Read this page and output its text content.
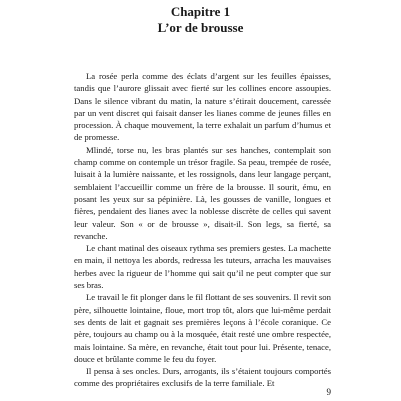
Chapitre 1
L’or de brousse

La rosée perla comme des éclats d’argent sur les feuilles épaisses, tandis que l’aurore glissait avec fierté sur les collines encore assoupies. Dans le silence vibrant du matin, la nature s’étirait doucement, caressée par un vent discret qui faisait danser les lianes comme de jeunes filles en procession. À chaque mouvement, la terre exhalait un parfum d’humus et de promesse.

Mlindé, torse nu, les bras plantés sur ses hanches, contemplait son champ comme on contemple un trésor fragile. Sa peau, trempée de rosée, luisait à la lumière naissante, et les rossignols, dans leur langage perçant, semblaient l’accueillir comme un frère de la brousse. Il sourit, ému, en posant les yeux sur sa pépinière. Là, les gousses de vanille, longues et fières, pendaient des lianes avec la noblesse discrète de celles qui savent leur valeur. Son « or de brousse », disait-il. Son legs, sa fierté, sa revanche.

Le chant matinal des oiseaux rythma ses premiers gestes. La machette en main, il nettoya les abords, redressa les tuteurs, arracha les mauvaises herbes avec la rigueur de l’homme qui sait qu’il ne peut compter que sur ses bras.

Le travail le fit plonger dans le fil flottant de ses souvenirs. Il revit son père, silhouette lointaine, floue, mort trop tôt, alors que lui-même perdait ses dents de lait et gagnait ses premières leçons à l’école coranique. Ce père, toujours au champ ou à la mosquée, était resté une ombre respectée, mais lointaine. Sa mère, en revanche, était tout pour lui. Présente, tenace, douce et brûlante comme le feu du foyer.

Il pensa à ses oncles. Durs, arrogants, ils s’étaient toujours comportés comme des propriétaires exclusifs de la terre familiale. Et

9
